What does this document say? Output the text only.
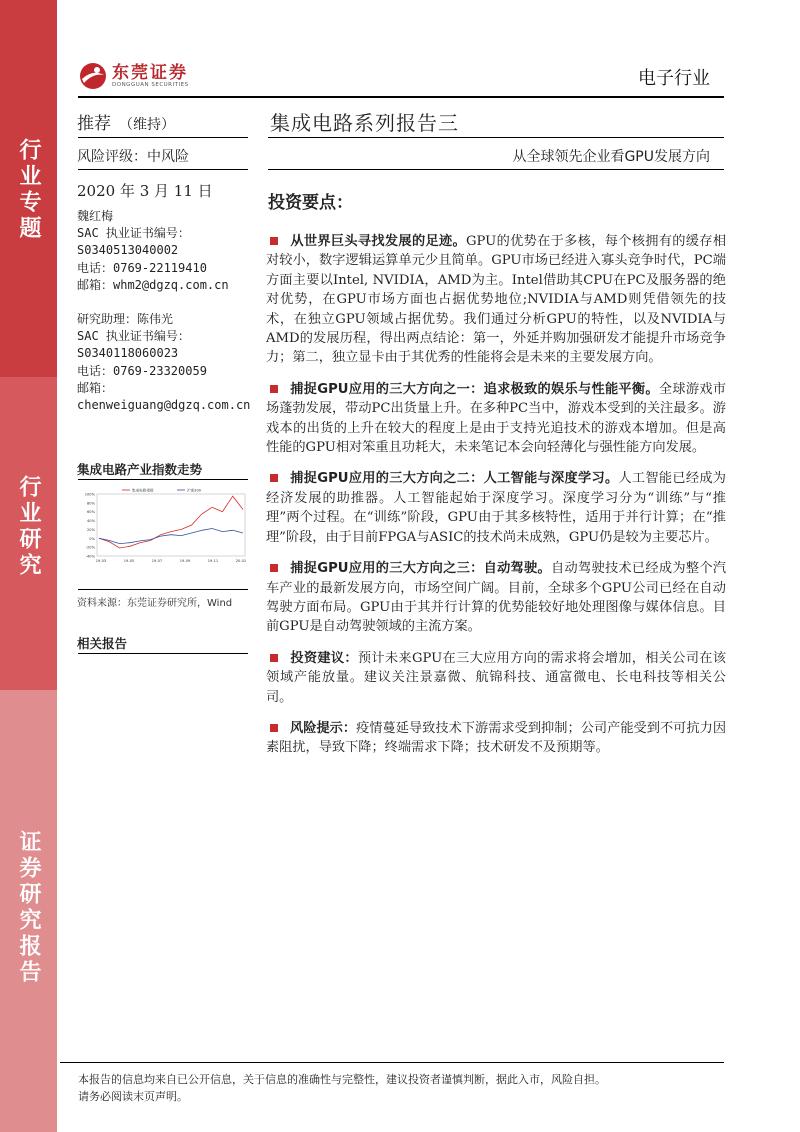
行业专题
行业研究
证券研究报告
东莞证券
DONGGUAN SECURITIES	电子行业
推荐 （维持）	集成电路系列报告三
风险评级：中风险	从全球领先企业看GPU发展方向
2020 年 3 月 11 日
魏红梅
SAC 执业证书编号：
S0340513040002
电话：0769-22119410
邮箱：whm2@dgzq.com.cn
研究助理：陈伟光
SAC 执业证书编号：
S0340118060023
电话：0769-23320059
邮箱：
chenweiguang@dgzq.com.cn
集成电路产业指数走势
100%
80%
60%
40%
20%
0%
-20%
-40%
19-03	19-05	19-07	19-09	19-11	20-01
集成电路指数	沪深300
资料来源：东莞证券研究所，Wind
相关报告
投资要点：
从世界巨头寻找发展的足迹。GPU的优势在于多核，每个核拥有的缓存相对较小，数字逻辑运算单元少且简单。GPU市场已经进入寡头竞争时代，PC端方面主要以Intel, NVIDIA，AMD为主。Intel借助其CPU在PC及服务器的绝对优势，在GPU市场方面也占据优势地位;NVIDIA与AMD则凭借领先的技术，在独立GPU领域占据优势。我们通过分析GPU的特性，以及NVIDIA与AMD的发展历程，得出两点结论：第一，外延并购加强研发才能提升市场竞争力；第二，独立显卡由于其优秀的性能将会是未来的主要发展方向。
捕捉GPU应用的三大方向之一：追求极致的娱乐与性能平衡。全球游戏市场蓬勃发展，带动PC出货量上升。在多种PC当中，游戏本受到的关注最多。游戏本的出货的上升在较大的程度上是由于支持光追技术的游戏本增加。但是高性能的GPU相对笨重且功耗大，未来笔记本会向轻薄化与强性能方向发展。
捕捉GPU应用的三大方向之二：人工智能与深度学习。人工智能已经成为经济发展的助推器。人工智能起始于深度学习。深度学习分为“训练”与“推理”两个过程。在“训练”阶段，GPU由于其多核特性，适用于并行计算；在“推理”阶段，由于目前FPGA与ASIC的技术尚未成熟，GPU仍是较为主要芯片。
捕捉GPU应用的三大方向之三：自动驾驶。自动驾驶技术已经成为整个汽车产业的最新发展方向，市场空间广阔。目前，全球多个GPU公司已经在自动驾驶方面布局。GPU由于其并行计算的优势能较好地处理图像与媒体信息。目前GPU是自动驾驶领域的主流方案。
投资建议：预计未来GPU在三大应用方向的需求将会增加，相关公司在该领域产能放量。建议关注景嘉微、航锦科技、通富微电、长电科技等相关公司。
风险提示：疫情蔓延导致技术下游需求受到抑制；公司产能受到不可抗力因素阻扰，导致下降；终端需求下降；技术研发不及预期等。
本报告的信息均来自已公开信息，关于信息的准确性与完整性，建议投资者谨慎判断，据此入市，风险自担。
请务必阅读末页声明。
